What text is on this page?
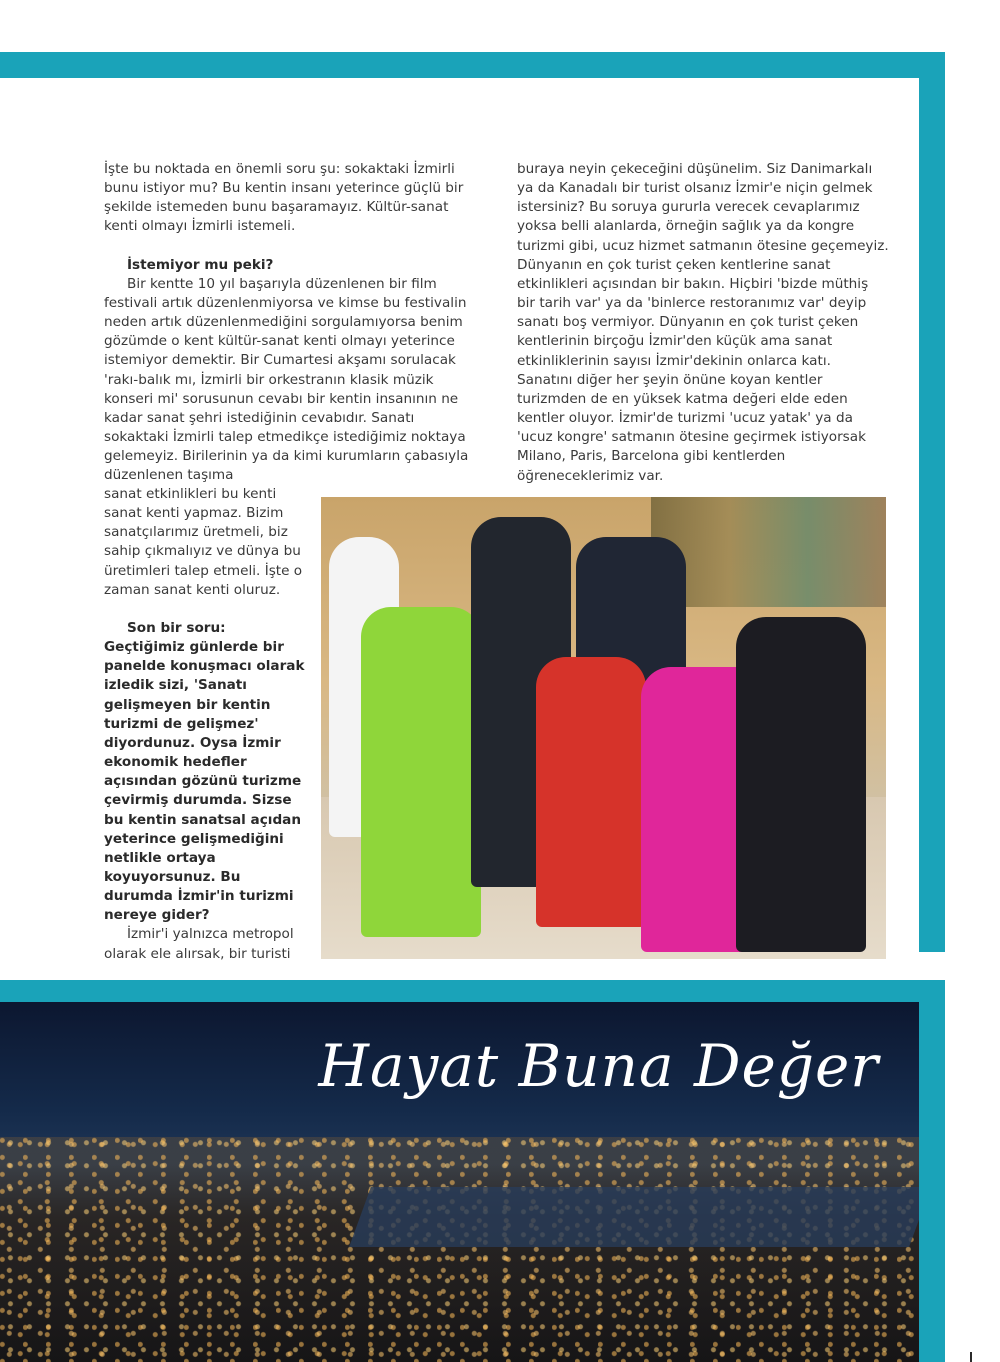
İşte bu noktada en önemli soru şu: sokaktaki İzmirli bunu istiyor mu? Bu kentin insanı yeterince güçlü bir şekilde istemeden bunu başaramayız. Kültür-sanat kenti olmayı İzmirli istemeli.

İstemiyor mu peki?

Bir kentte 10 yıl başarıyla düzenlenen bir film festivali artık düzenlenmiyorsa ve kimse bu festivalin neden artık düzenlenmediğini sorgulamıyorsa benim gözümde o kent kültür-sanat kenti olmayı yeterince istemiyor demektir. Bir Cumartesi akşamı sorulacak 'rakı-balık mı, İzmirli bir orkestranın klasik müzik konseri mi' sorusunun cevabı bir kentin insanının ne kadar sanat şehri istediğinin cevabıdır. Sanatı sokaktaki İzmirli talep etmedikçe istediğimiz noktaya gelemeyiz. Birilerinin ya da kimi kurumların çabasıyla düzenlenen taşıma

sanat etkinlikleri bu kenti sanat kenti yapmaz. Bizim sanatçılarımız üretmeli, biz sahip çıkmalıyız ve dünya bu üretimleri talep etmeli. İşte o zaman sanat kenti oluruz.

Son bir soru: Geçtiğimiz günlerde bir panelde konuşmacı olarak izledik sizi, 'Sanatı gelişmeyen bir kentin turizmi de gelişmez' diyordunuz. Oysa İzmir ekonomik hedefler açısından gözünü turizme çevirmiş durumda. Sizse bu kentin sanatsal açıdan yeterince gelişmediğini netlikle ortaya koyuyorsunuz. Bu durumda İzmir'in turizmi nereye gider?

İzmir'i yalnızca metropol olarak ele alırsak, bir turisti

buraya neyin çekeceğini düşünelim. Siz Danimarkalı ya da Kanadalı bir turist olsanız İzmir'e niçin gelmek istersiniz? Bu soruya gururla verecek cevaplarımız yoksa belli alanlarda, örneğin sağlık ya da kongre turizmi gibi, ucuz hizmet satmanın ötesine geçemeyiz. Dünyanın en çok turist çeken kentlerine sanat etkinlikleri açısından bir bakın. Hiçbiri 'bizde müthiş bir tarih var' ya da 'binlerce restoranımız var' deyip sanatı boş vermiyor. Dünyanın en çok turist çeken kentlerinin birçoğu İzmir'den küçük ama sanat etkinliklerinin sayısı İzmir'dekinin onlarca katı. Sanatını diğer her şeyin önüne koyan kentler turizmden de en yüksek katma değeri elde eden kentler oluyor. İzmir'de turizmi 'ucuz yatak' ya da 'ucuz kongre' satmanın ötesine geçirmek istiyorsak Milano, Paris, Barcelona gibi kentlerden öğreneceklerimiz var.

Hayat Buna Değer
